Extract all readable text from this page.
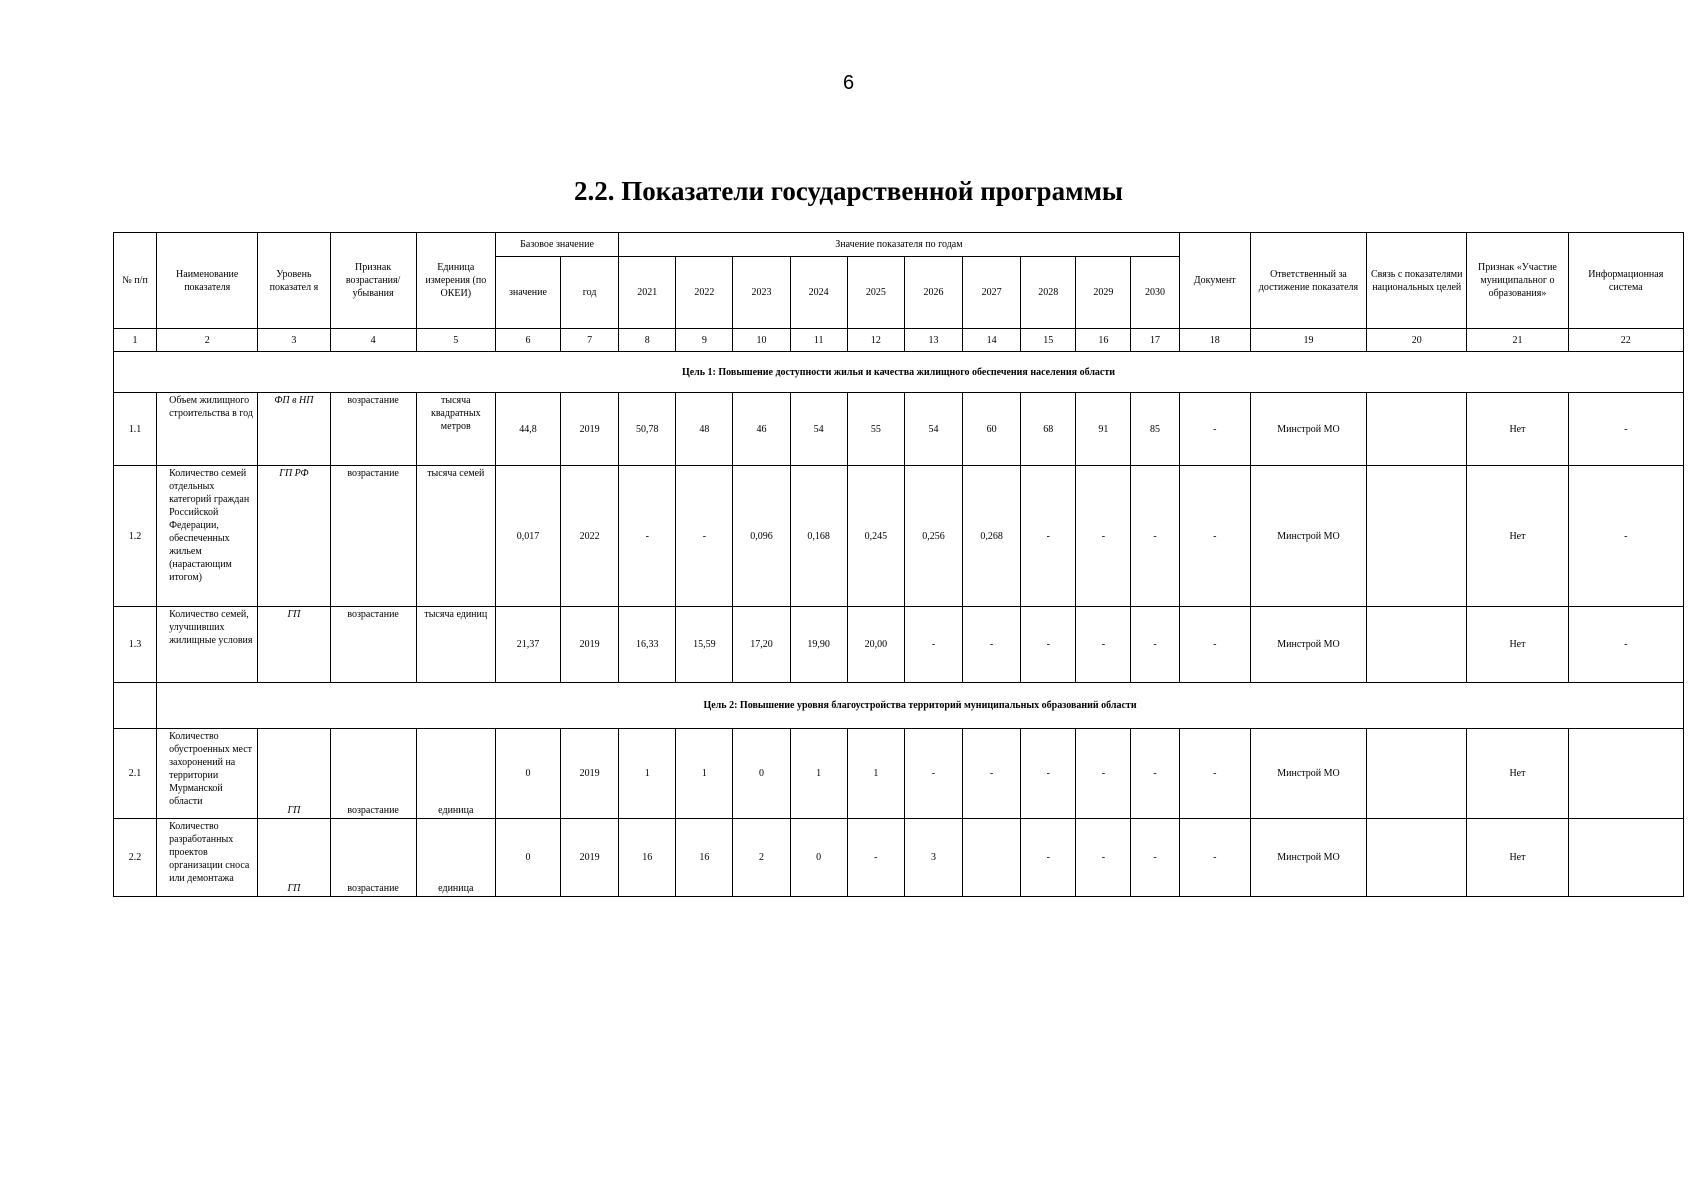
6
2.2. Показатели государственной программы
№ п/п	Наименование показателя	Уровень показател я	Признак возрастания/ убывания	Единица измерения (по ОКЕИ)	Базовое значение		Значение показателя по годам										Документ	Ответственный за достижение показателя	Связь с показателями национальных целей	Признак «Участие муниципальног о образования»	Информационная система
					значение	год	2021	2022	2023	2024	2025	2026	2027	2028	2029	2030					
1	2	3	4	5	6	7	8	9	10	11	12	13	14	15	16	17	18	19	20	21	22
Цель 1: Повышение доступности жилья и качества жилищного обеспечения населения области																					
1.1	Объем жилищного строительства в год	ФП в НП	возрастание	тысяча квадратных метров	44,8	2019	50,78	48	46	54	55	54	60	68	91	85	-	Минстрой МО		Нет	-
1.2	Количество семей отдельных категорий граждан Российской Федерации, обеспеченных жильем (нарастающим итогом)	ГП РФ	возрастание	тысяча семей	0,017	2022	-	-	0,096	0,168	0,245	0,256	0,268	-	-	-	-	Минстрой МО		Нет	-
1.3	Количество семей, улучшивших жилищные условия	ГП	возрастание	тысяча единиц	21,37	2019	16,33	15,59	17,20	19,90	20,00	-	-	-	-	-	-	Минстрой МО		Нет	-
	Цель 2: Повышение уровня благоустройства территорий муниципальных образований области																				
2.1	Количество обустроенных мест захоронений на территории Мурманской области	ГП	возрастание	единица	0	2019	1	1	0	1	1	-	-	-	-	-	-	Минстрой МО		Нет	
2.2	Количество разработанных проектов организации сноса или демонтажа	ГП	возрастание	единица	0	2019	16	16	2	0	-	3		-	-	-	-	Минстрой МО		Нет	
